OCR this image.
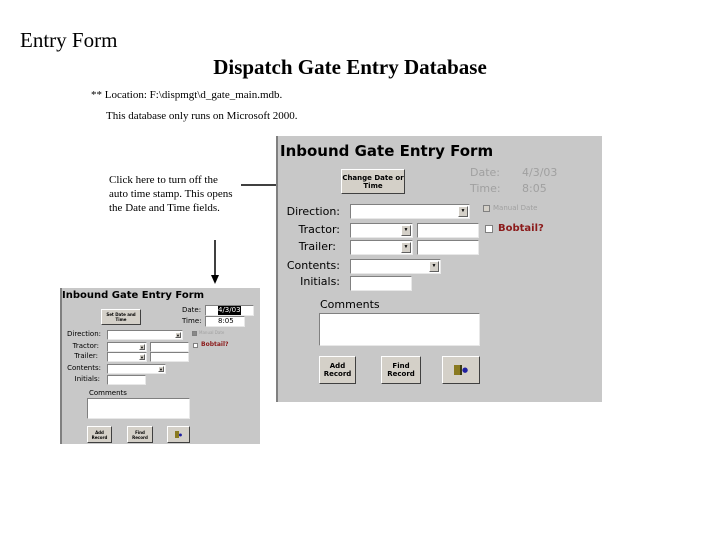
Entry Form
Dispatch Gate Entry Database
** Location: F:\dispmgt\d_gate_main.mdb.
This database only runs on Microsoft 2000.
Click here to turn off the auto time stamp. This opens the Date and Time fields.
Inbound Gate Entry Form
Change Date or Time
Date: 4/3/03
Time: 8:05
Direction:	▼	Manual Date
Tractor:	▼	Bobtail?
Trailer:	▼
Contents:	▼
Initials:
Comments
Add Record
Find Record	●
Inbound Gate Entry Form
Set Date and Time
Date: 4/3/03
Time: 8:05
Direction:	▼
Manual Date
Tractor:	▼	Bobtail?
Trailer:	▼
Contents:	▼
Initials:
Comments
Add Record
Find Record	●
